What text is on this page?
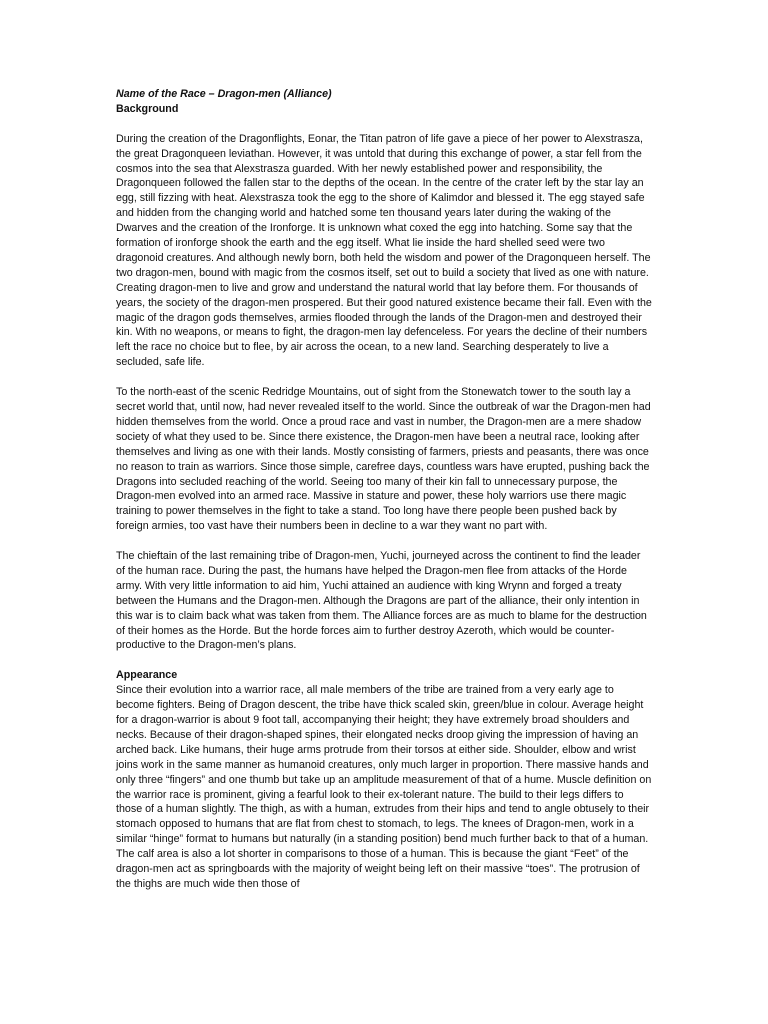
Name of the Race – Dragon-men (Alliance)
Background

During the creation of the Dragonflights, Eonar, the Titan patron of life gave a piece of her power to Alexstrasza, the great Dragonqueen leviathan. However, it was untold that during this exchange of power, a star fell from the cosmos into the sea that Alexstrasza guarded. With her newly established power and responsibility, the Dragonqueen followed the fallen star to the depths of the ocean. In the centre of the crater left by the star lay an egg, still fizzing with heat. Alexstrasza took the egg to the shore of Kalimdor and blessed it. The egg stayed safe and hidden from the changing world and hatched some ten thousand years later during the waking of the Dwarves and the creation of the Ironforge. It is unknown what coxed the egg into hatching. Some say that the formation of ironforge shook the earth and the egg itself. What lie inside the hard shelled seed were two dragonoid creatures. And although newly born, both held the wisdom and power of the Dragonqueen herself. The two dragon-men, bound with magic from the cosmos itself, set out to build a society that lived as one with nature. Creating dragon-men to live and grow and understand the natural world that lay before them. For thousands of years, the society of the dragon-men prospered. But their good natured existence became their fall. Even with the magic of the dragon gods themselves, armies flooded through the lands of the Dragon-men and destroyed their kin. With no weapons, or means to fight, the dragon-men lay defenceless. For years the decline of their numbers left the race no choice but to flee, by air across the ocean, to a new land. Searching desperately to live a secluded, safe life.

To the north-east of the scenic Redridge Mountains, out of sight from the Stonewatch tower to the south lay a secret world that, until now, had never revealed itself to the world. Since the outbreak of war the Dragon-men had hidden themselves from the world. Once a proud race and vast in number, the Dragon-men are a mere shadow society of what they used to be. Since there existence, the Dragon-men have been a neutral race, looking after themselves and living as one with their lands. Mostly consisting of farmers, priests and peasants, there was once no reason to train as warriors. Since those simple, carefree days, countless wars have erupted, pushing back the Dragons into secluded reaching of the world. Seeing too many of their kin fall to unnecessary purpose, the Dragon-men evolved into an armed race. Massive in stature and power, these holy warriors use there magic training to power themselves in the fight to take a stand. Too long have there people been pushed back by foreign armies, too vast have their numbers been in decline to a war they want no part with.

The chieftain of the last remaining tribe of Dragon-men, Yuchi, journeyed across the continent to find the leader of the human race. During the past, the humans have helped the Dragon-men flee from attacks of the Horde army. With very little information to aid him, Yuchi attained an audience with king Wrynn and forged a treaty between the Humans and the Dragon-men. Although the Dragons are part of the alliance, their only intention in this war is to claim back what was taken from them. The Alliance forces are as much to blame for the destruction of their homes as the Horde. But the horde forces aim to further destroy Azeroth, which would be counter-productive to the Dragon-men’s plans.

Appearance

Since their evolution into a warrior race, all male members of the tribe are trained from a very early age to become fighters. Being of Dragon descent, the tribe have thick scaled skin, green/blue in colour. Average height for a dragon-warrior is about 9 foot tall, accompanying their height; they have extremely broad shoulders and necks. Because of their dragon-shaped spines, their elongated necks droop giving the impression of having an arched back. Like humans, their huge arms protrude from their torsos at either side. Shoulder, elbow and wrist joins work in the same manner as humanoid creatures, only much larger in proportion. There massive hands and only three “fingers” and one thumb but take up an amplitude measurement of that of a hume. Muscle definition on the warrior race is prominent, giving a fearful look to their ex-tolerant nature. The build to their legs differs to those of a human slightly. The thigh, as with a human, extrudes from their hips and tend to angle obtusely to their stomach opposed to humans that are flat from chest to stomach, to legs. The knees of Dragon-men, work in a similar “hinge” format to humans but naturally (in a standing position) bend much further back to that of a human. The calf area is also a lot shorter in comparisons to those of a human. This is because the giant “Feet” of the dragon-men act as springboards with the majority of weight being left on their massive “toes”. The protrusion of the thighs are much wide then those of
